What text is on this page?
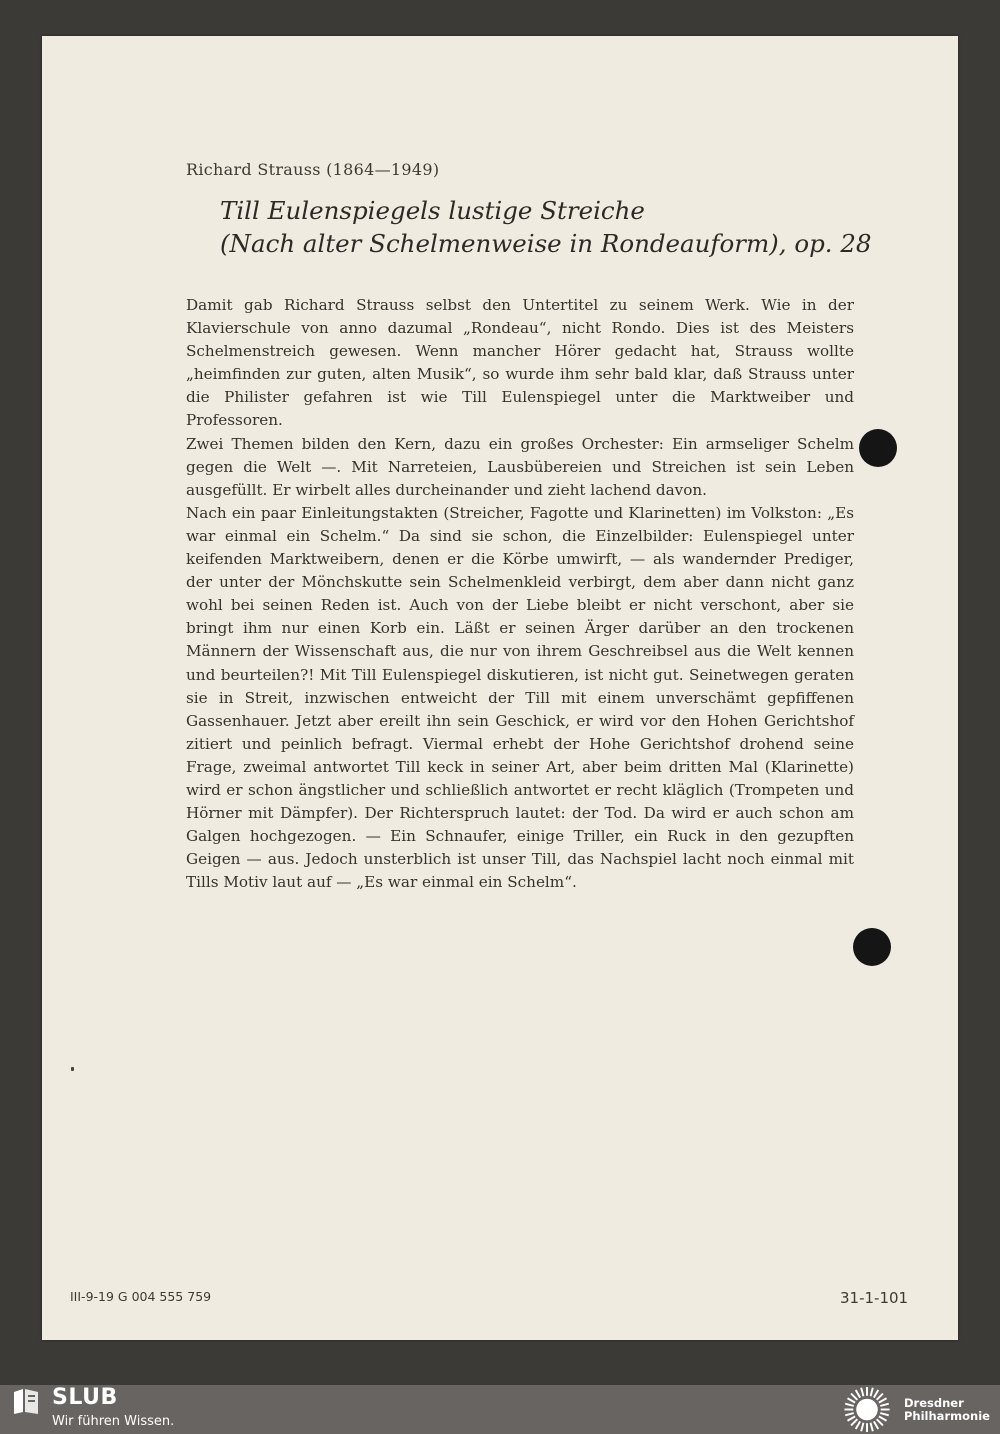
Richard Strauss (1864—1949)
Till Eulenspiegels lustige Streiche
(Nach alter Schelmenweise in Rondeauform), op. 28

Damit gab Richard Strauss selbst den Untertitel zu seinem Werk. Wie in der Klavierschule von anno dazumal „Rondeau“, nicht Rondo. Dies ist des Meisters Schelmenstreich gewesen. Wenn mancher Hörer gedacht hat, Strauss wollte „heimfinden zur guten, alten Musik“, so wurde ihm sehr bald klar, daß Strauss unter die Philister gefahren ist wie Till Eulenspiegel unter die Marktweiber und Professoren.

Zwei Themen bilden den Kern, dazu ein großes Orchester: Ein armseliger Schelm gegen die Welt —. Mit Narreteien, Lausbübereien und Streichen ist sein Leben ausgefüllt. Er wirbelt alles durcheinander und zieht lachend davon.

Nach ein paar Einleitungstakten (Streicher, Fagotte und Klarinetten) im Volkston: „Es war einmal ein Schelm.“ Da sind sie schon, die Einzelbilder: Eulenspiegel unter keifenden Marktweibern, denen er die Körbe umwirft, — als wandernder Prediger, der unter der Mönchskutte sein Schelmenkleid verbirgt, dem aber dann nicht ganz wohl bei seinen Reden ist. Auch von der Liebe bleibt er nicht verschont, aber sie bringt ihm nur einen Korb ein. Läßt er seinen Ärger darüber an den trockenen Männern der Wissenschaft aus, die nur von ihrem Geschreibsel aus die Welt kennen und beurteilen?! Mit Till Eulenspiegel diskutieren, ist nicht gut. Seinetwegen geraten sie in Streit, inzwischen entweicht der Till mit einem unverschämt gepfiffenen Gassenhauer. Jetzt aber ereilt ihn sein Geschick, er wird vor den Hohen Gerichtshof zitiert und peinlich befragt. Viermal erhebt der Hohe Gerichtshof drohend seine Frage, zweimal antwortet Till keck in seiner Art, aber beim dritten Mal (Klarinette) wird er schon ängstlicher und schließlich antwortet er recht kläglich (Trompeten und Hörner mit Dämpfer). Der Richterspruch lautet: der Tod. Da wird er auch schon am Galgen hochgezogen. — Ein Schnaufer, einige Triller, ein Ruck in den gezupften Geigen — aus. Jedoch unsterblich ist unser Till, das Nachspiel lacht noch einmal mit Tills Motiv laut auf — „Es war einmal ein Schelm“.

III-9-19 G 004 555 759	31-1-101
SLUB
Wir führen Wissen.
Dresdner
Philharmonie
